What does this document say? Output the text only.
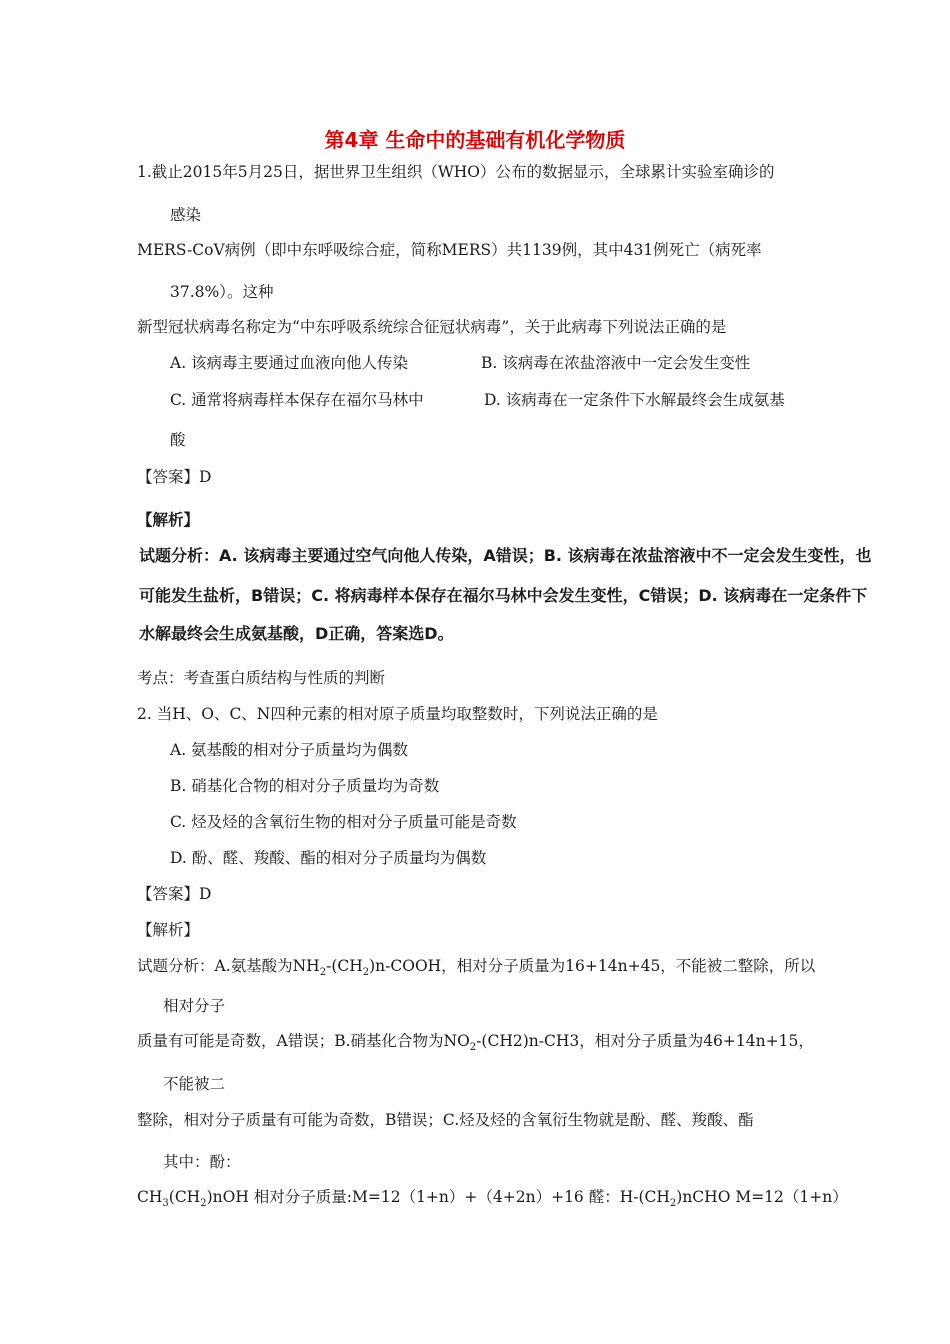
第4章 生命中的基础有机化学物质
1.截止2015年5月25日，据世界卫生组织（WHO）公布的数据显示，全球累计实验室确诊的
感染
MERS-CoV病例（即中东呼吸综合症，简称MERS）共1139例，其中431例死亡（病死率
37.8%）。这种
新型冠状病毒名称定为“中东呼吸系统综合征冠状病毒”，关于此病毒下列说法正确的是
A. 该病毒主要通过血液向他人传染	B. 该病毒在浓盐溶液中一定会发生变性
C. 通常将病毒样本保存在福尔马林中	D. 该病毒在一定条件下水解最终会生成氨基
酸
【答案】D
【解析】
试题分析：A. 该病毒主要通过空气向他人传染，A错误；B. 该病毒在浓盐溶液中不一定会发生变性，也
可能发生盐析，B错误；C. 将病毒样本保存在福尔马林中会发生变性，C错误；D. 该病毒在一定条件下
水解最终会生成氨基酸，D正确，答案选D。
考点：考查蛋白质结构与性质的判断
2. 当H、O、C、N四种元素的相对原子质量均取整数时，下列说法正确的是
A. 氨基酸的相对分子质量均为偶数
B. 硝基化合物的相对分子质量均为奇数
C. 烃及烃的含氧衍生物的相对分子质量可能是奇数
D. 酚、醛、羧酸、酯的相对分子质量均为偶数
【答案】D
【解析】
试题分析：A.氨基酸为$NH_2-(CH_2)n$-COOH，相对分子质量为16+14n+45，不能被二整除，所以
相对分子
质量有可能是奇数，A错误；B.硝基化合物为$NO_2-(CH2)n-CH3$，相对分子质量为46+14n+15，
不能被二
整除，相对分子质量有可能为奇数，B错误；C.烃及烃的含氧衍生物就是酚、醛、羧酸、酯
其中：酚：
$CH_3(CH_2)nOH$ 相对分子质量:M=12（1+n）+（4+2n）+16 醛：$H-(CH_2)nCHO$ M=12（1+n）
